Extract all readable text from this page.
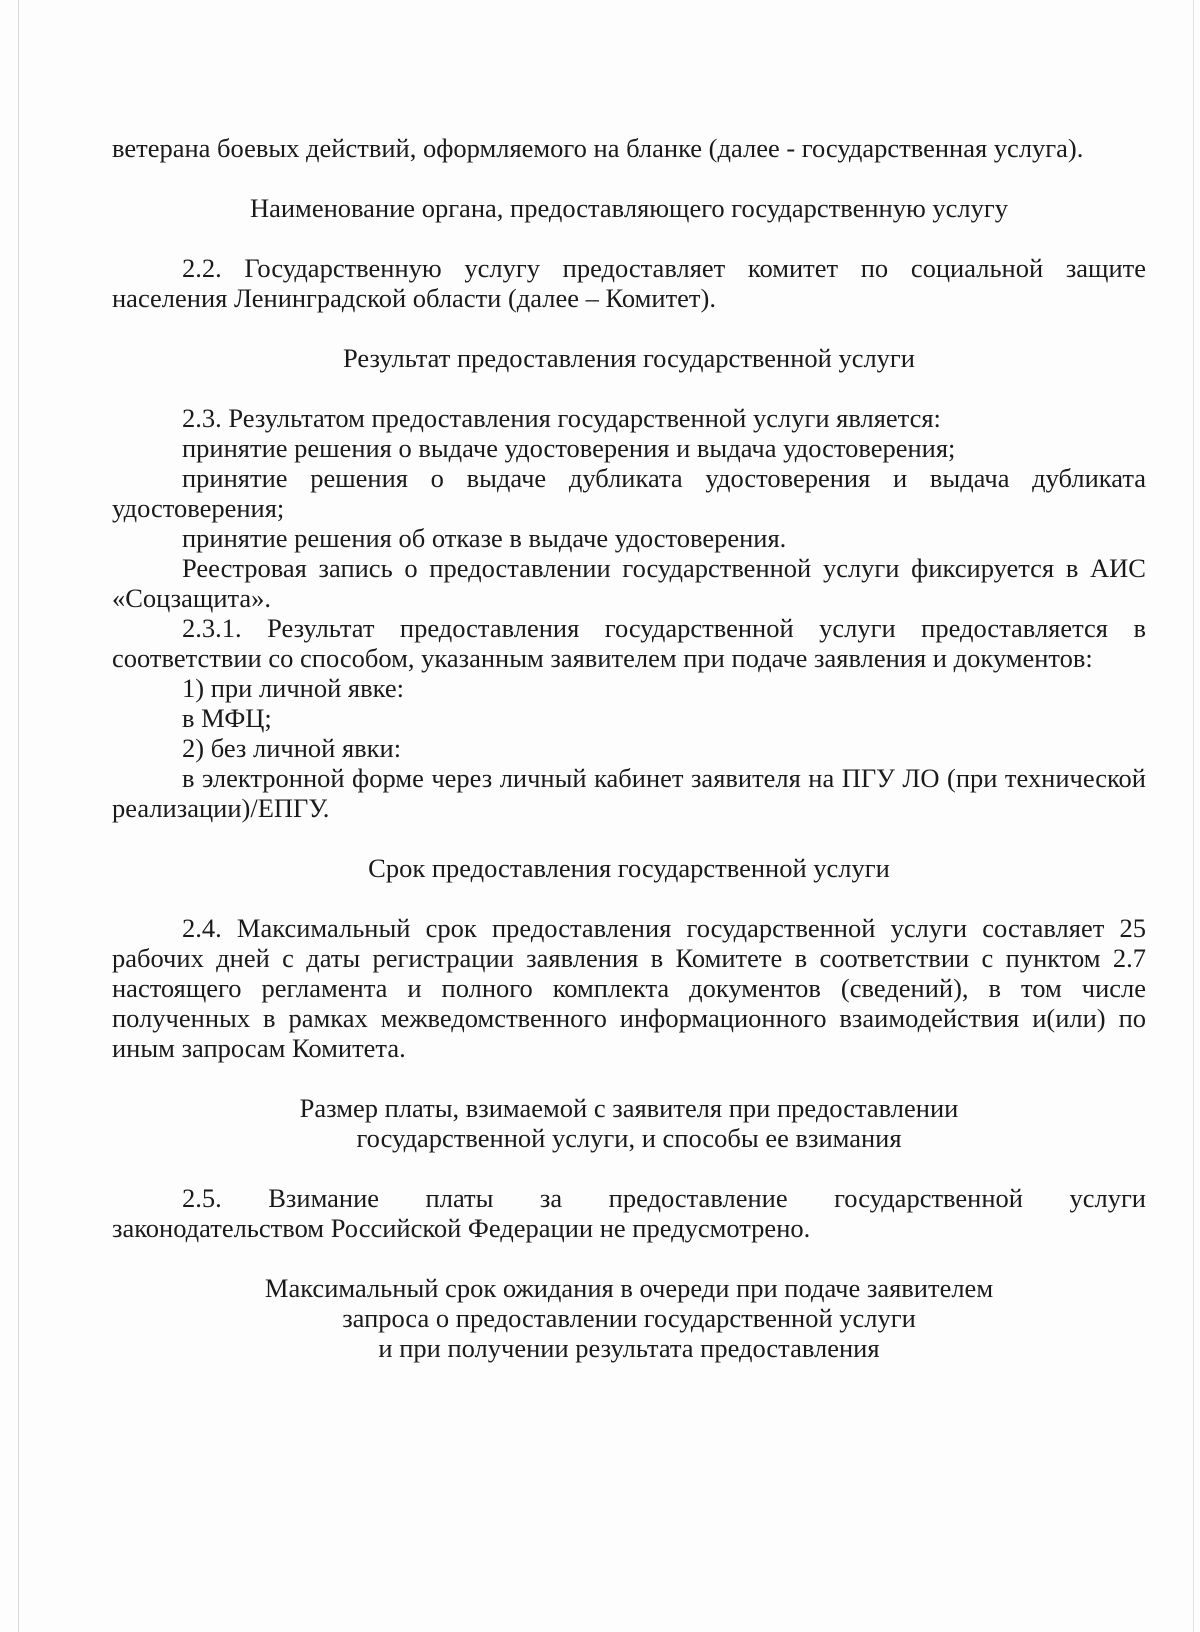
ветерана боевых действий, оформляемого на бланке (далее - государственная услуга).

Наименование органа, предоставляющего государственную услугу

2.2. Государственную услугу предоставляет комитет по социальной защите населения Ленинградской области (далее – Комитет).

Результат предоставления государственной услуги

2.3. Результатом предоставления государственной услуги является:

принятие решения о выдаче удостоверения и выдача удостоверения;

принятие решения о выдаче дубликата удостоверения и выдача дубликата удостоверения;

принятие решения об отказе в выдаче удостоверения.

Реестровая запись о предоставлении государственной услуги фиксируется в АИС «Соцзащита».

2.3.1. Результат предоставления государственной услуги предоставляется в соответствии со способом, указанным заявителем при подаче заявления и документов:

1) при личной явке:

в МФЦ;

2) без личной явки:

в электронной форме через личный кабинет заявителя на ПГУ ЛО (при технической реализации)/ЕПГУ.

Срок предоставления государственной услуги

2.4. Максимальный срок предоставления государственной услуги составляет 25 рабочих дней с даты регистрации заявления в Комитете в соответствии с пунктом 2.7 настоящего регламента и полного комплекта документов (сведений), в том числе полученных в рамках межведомственного информационного взаимодействия и(или) по иным запросам Комитета.

Размер платы, взимаемой с заявителя при предоставлении

государственной услуги, и способы ее взимания

2.5. Взимание платы за предоставление государственной услуги

законодательством Российской Федерации не предусмотрено.

Максимальный срок ожидания в очереди при подаче заявителем

запроса о предоставлении государственной услуги

и при получении результата предоставления
